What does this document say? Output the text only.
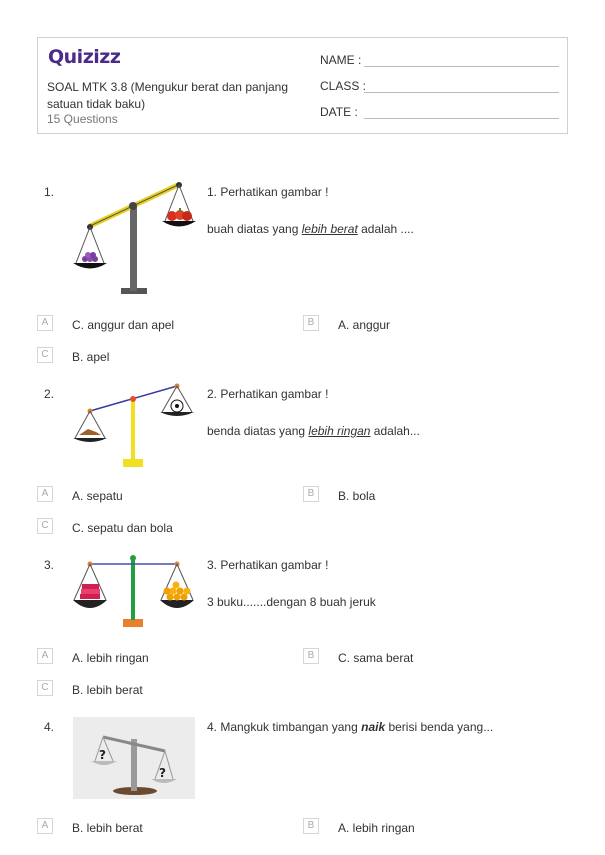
Quizizz
SOAL MTK 3.8 (Mengukur berat dan panjang satuan tidak baku)
15 Questions
NAME :
CLASS :
DATE :
1.	1. Perhatikan gambar !
buah diatas yang lebih berat adalah ....
A	C. anggur dan apel	B	A. anggur
C	B. apel
2.	2. Perhatikan gambar !
benda diatas yang lebih ringan adalah...
A	A. sepatu	B	B. bola
C	C. sepatu dan bola
3.	3. Perhatikan gambar !
3 buku.......dengan 8 buah jeruk
A	A. lebih ringan	B	C. sama berat
C	B. lebih berat
4.
?
?
4. Mangkuk timbangan yang naik berisi benda yang...
A	B. lebih berat	B	A. lebih ringan
